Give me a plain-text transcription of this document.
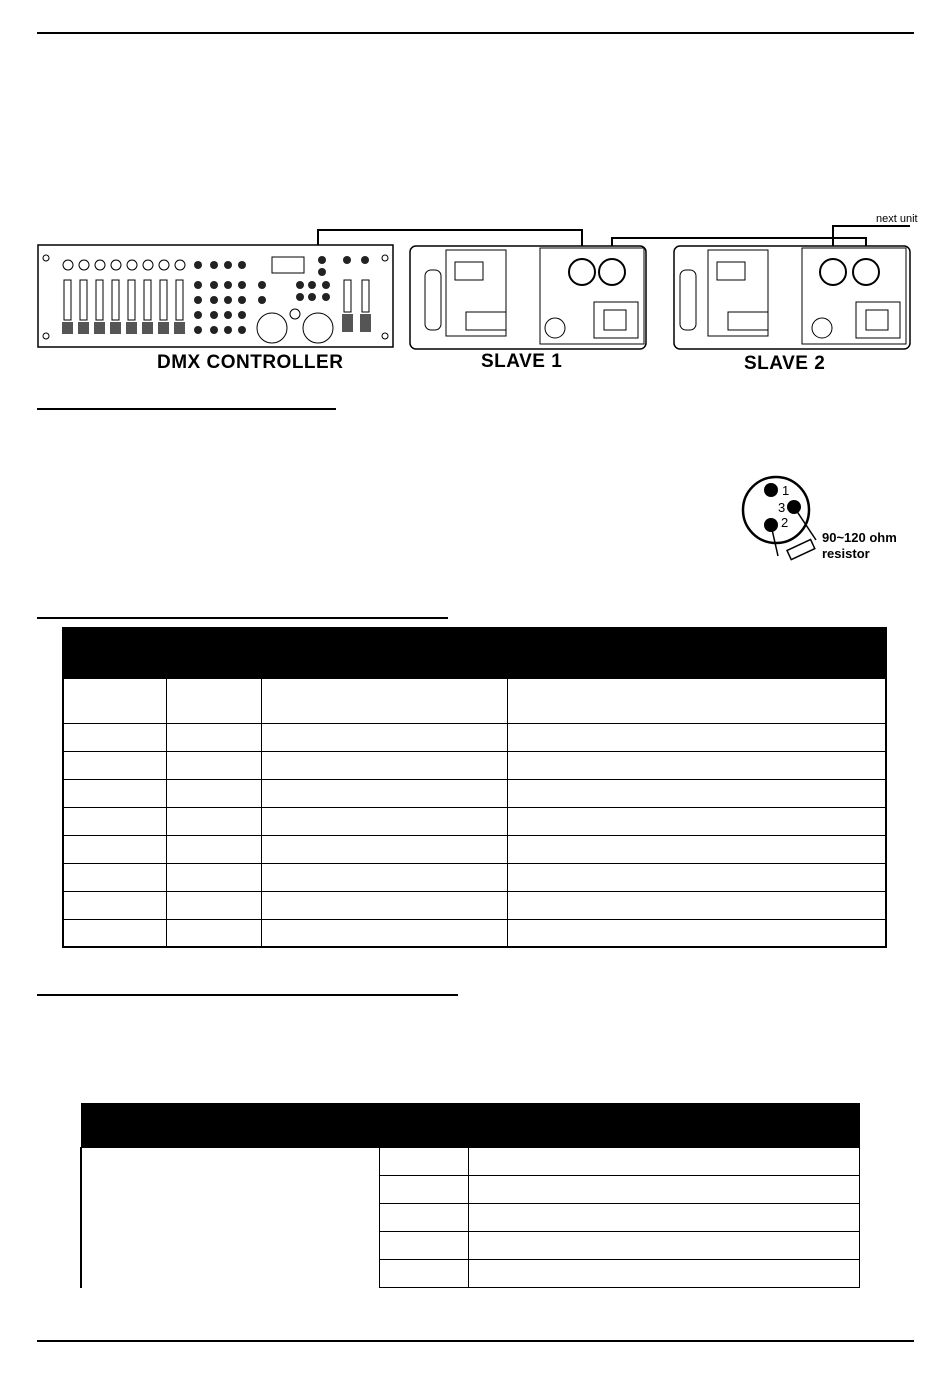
next unit
DMX CONTROLLER	SLAVE 1	SLAVE 2
1
3
2
90~120 ohm
resistor
